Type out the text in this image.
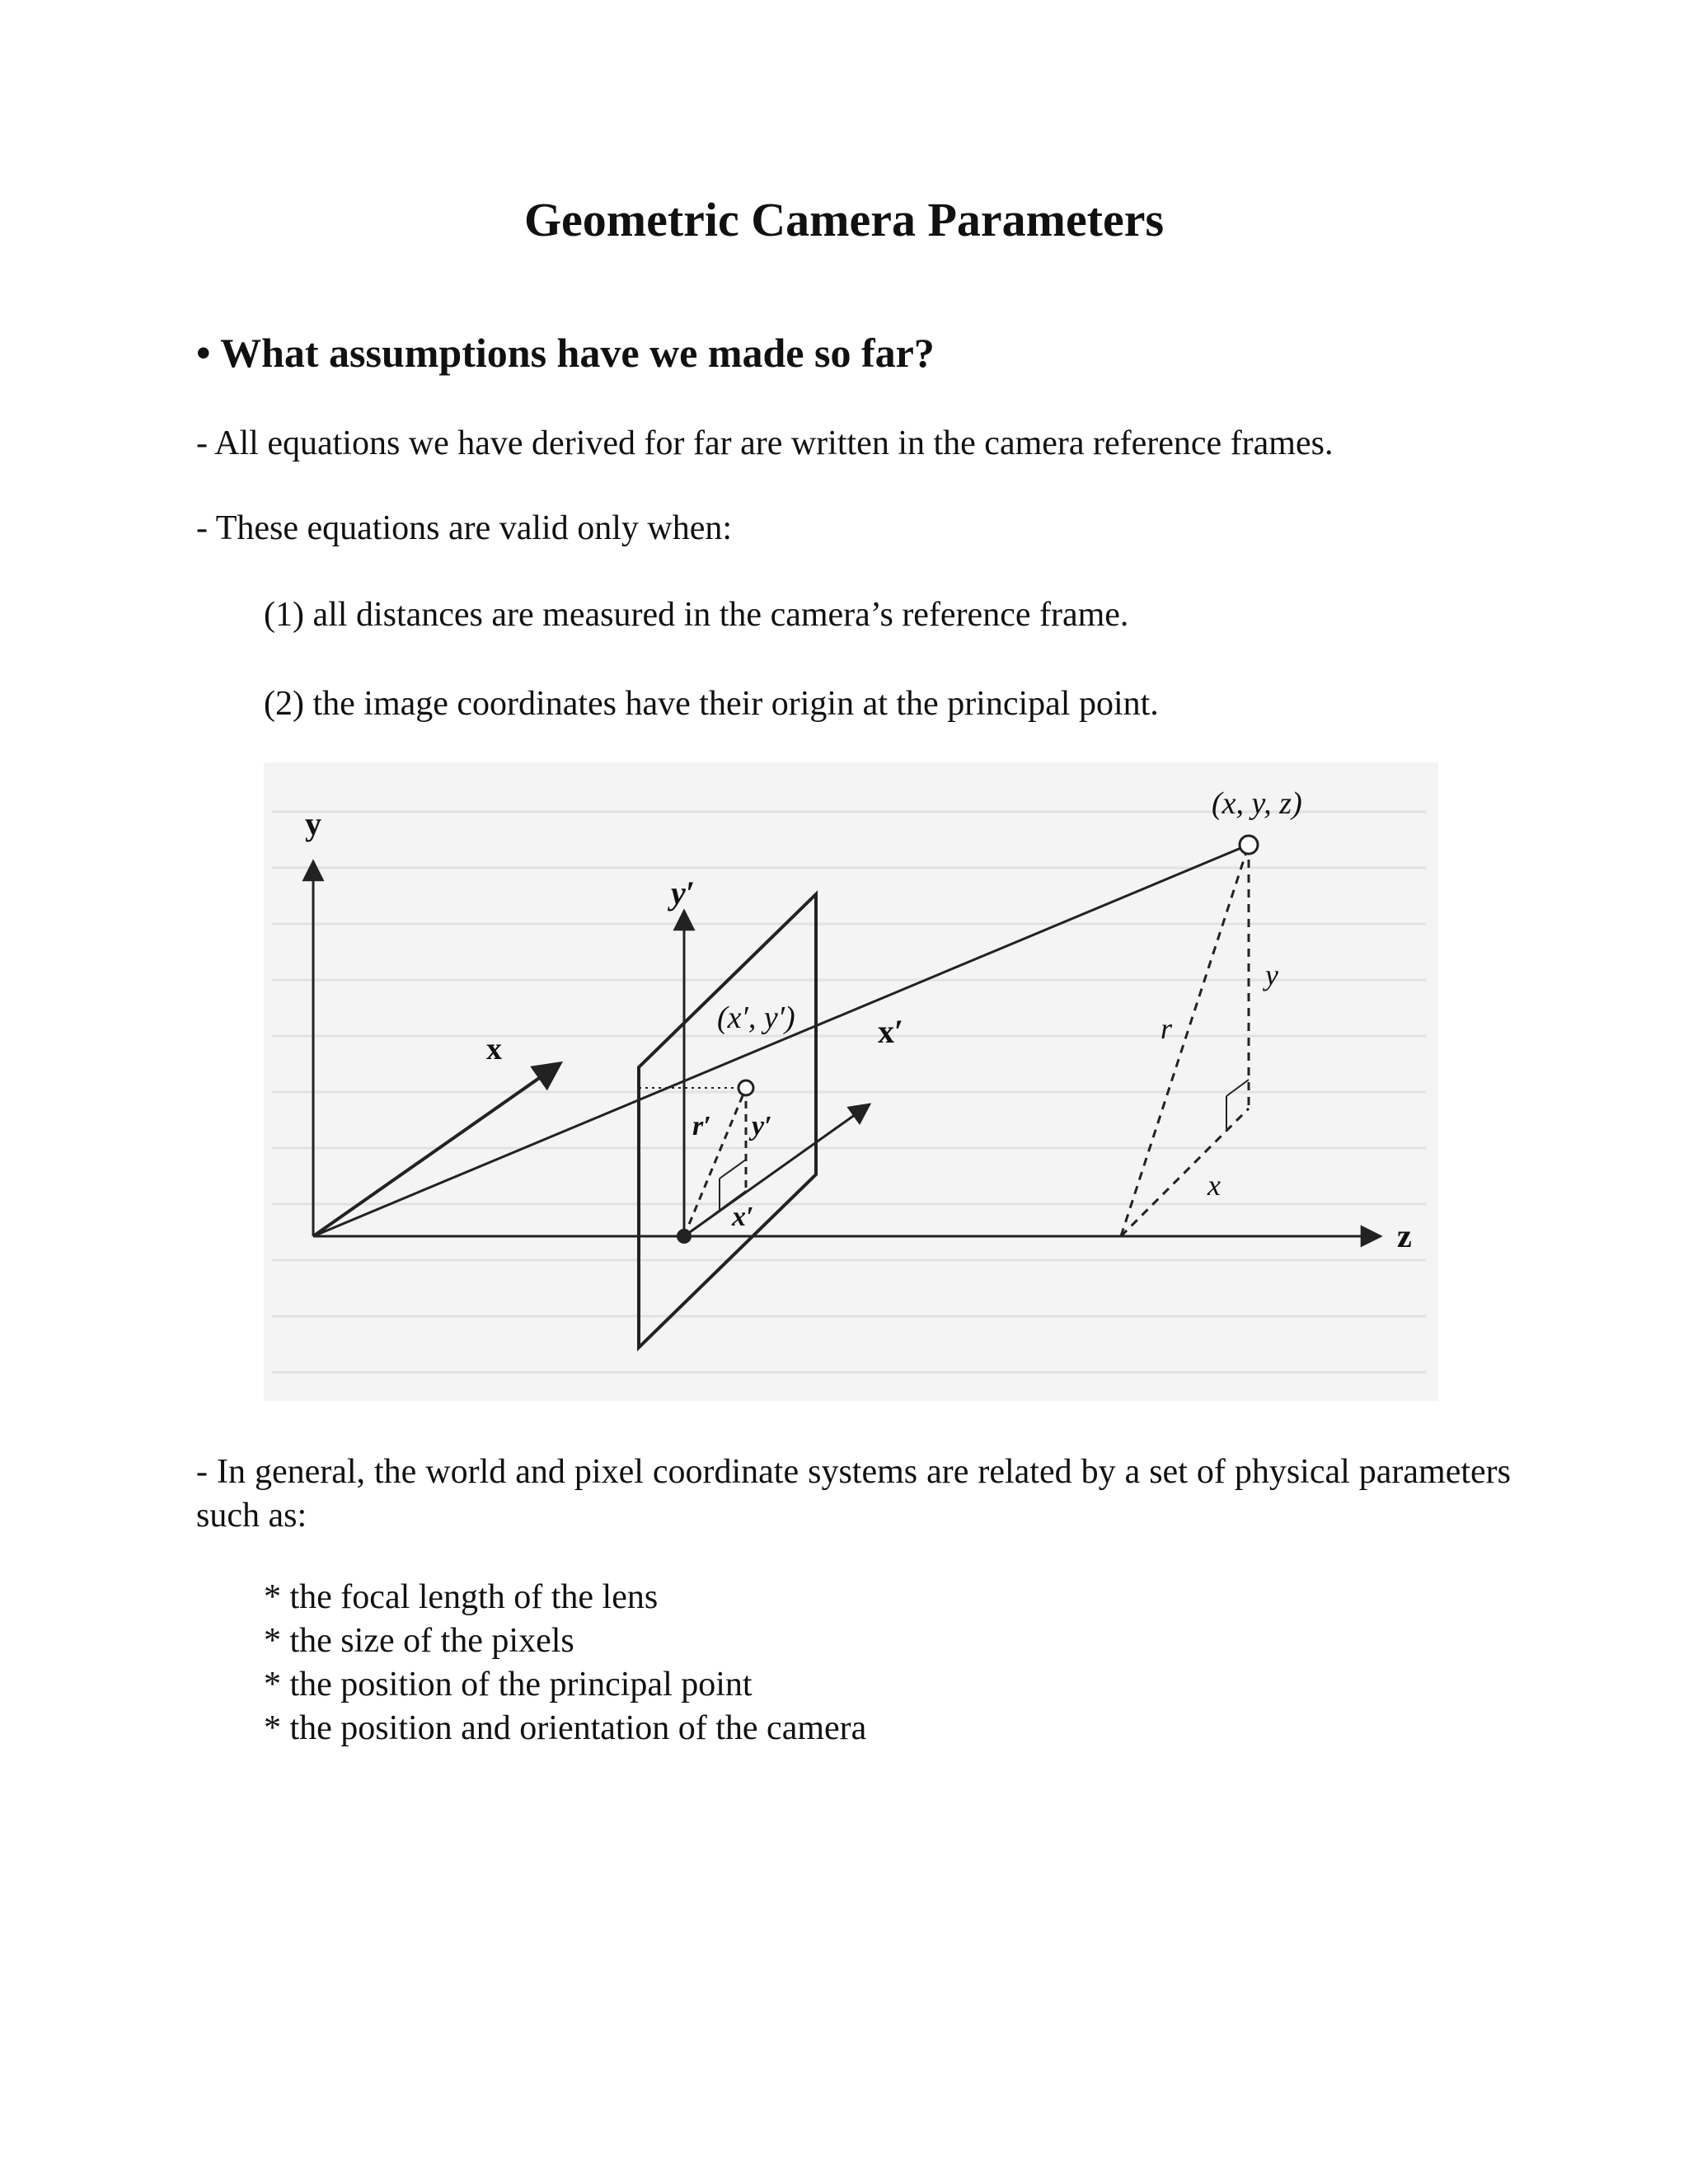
Geometric Camera Parameters
• What assumptions have we made so far?

- All equations we have derived for far are written in the camera reference frames.

- These equations are valid only when:

(1) all distances are measured in the camera’s reference frame.

(2) the image coordinates have their origin at the principal point.

y
x
z
y′
x′
(x′, y′)
(x, y, z)
r′ y′
x′
r
y
x

- In general, the world and pixel coordinate systems are related by a set of physical parameters such as:

* the focal length of the lens
* the size of the pixels
* the position of the principal point
* the position and orientation of the camera
